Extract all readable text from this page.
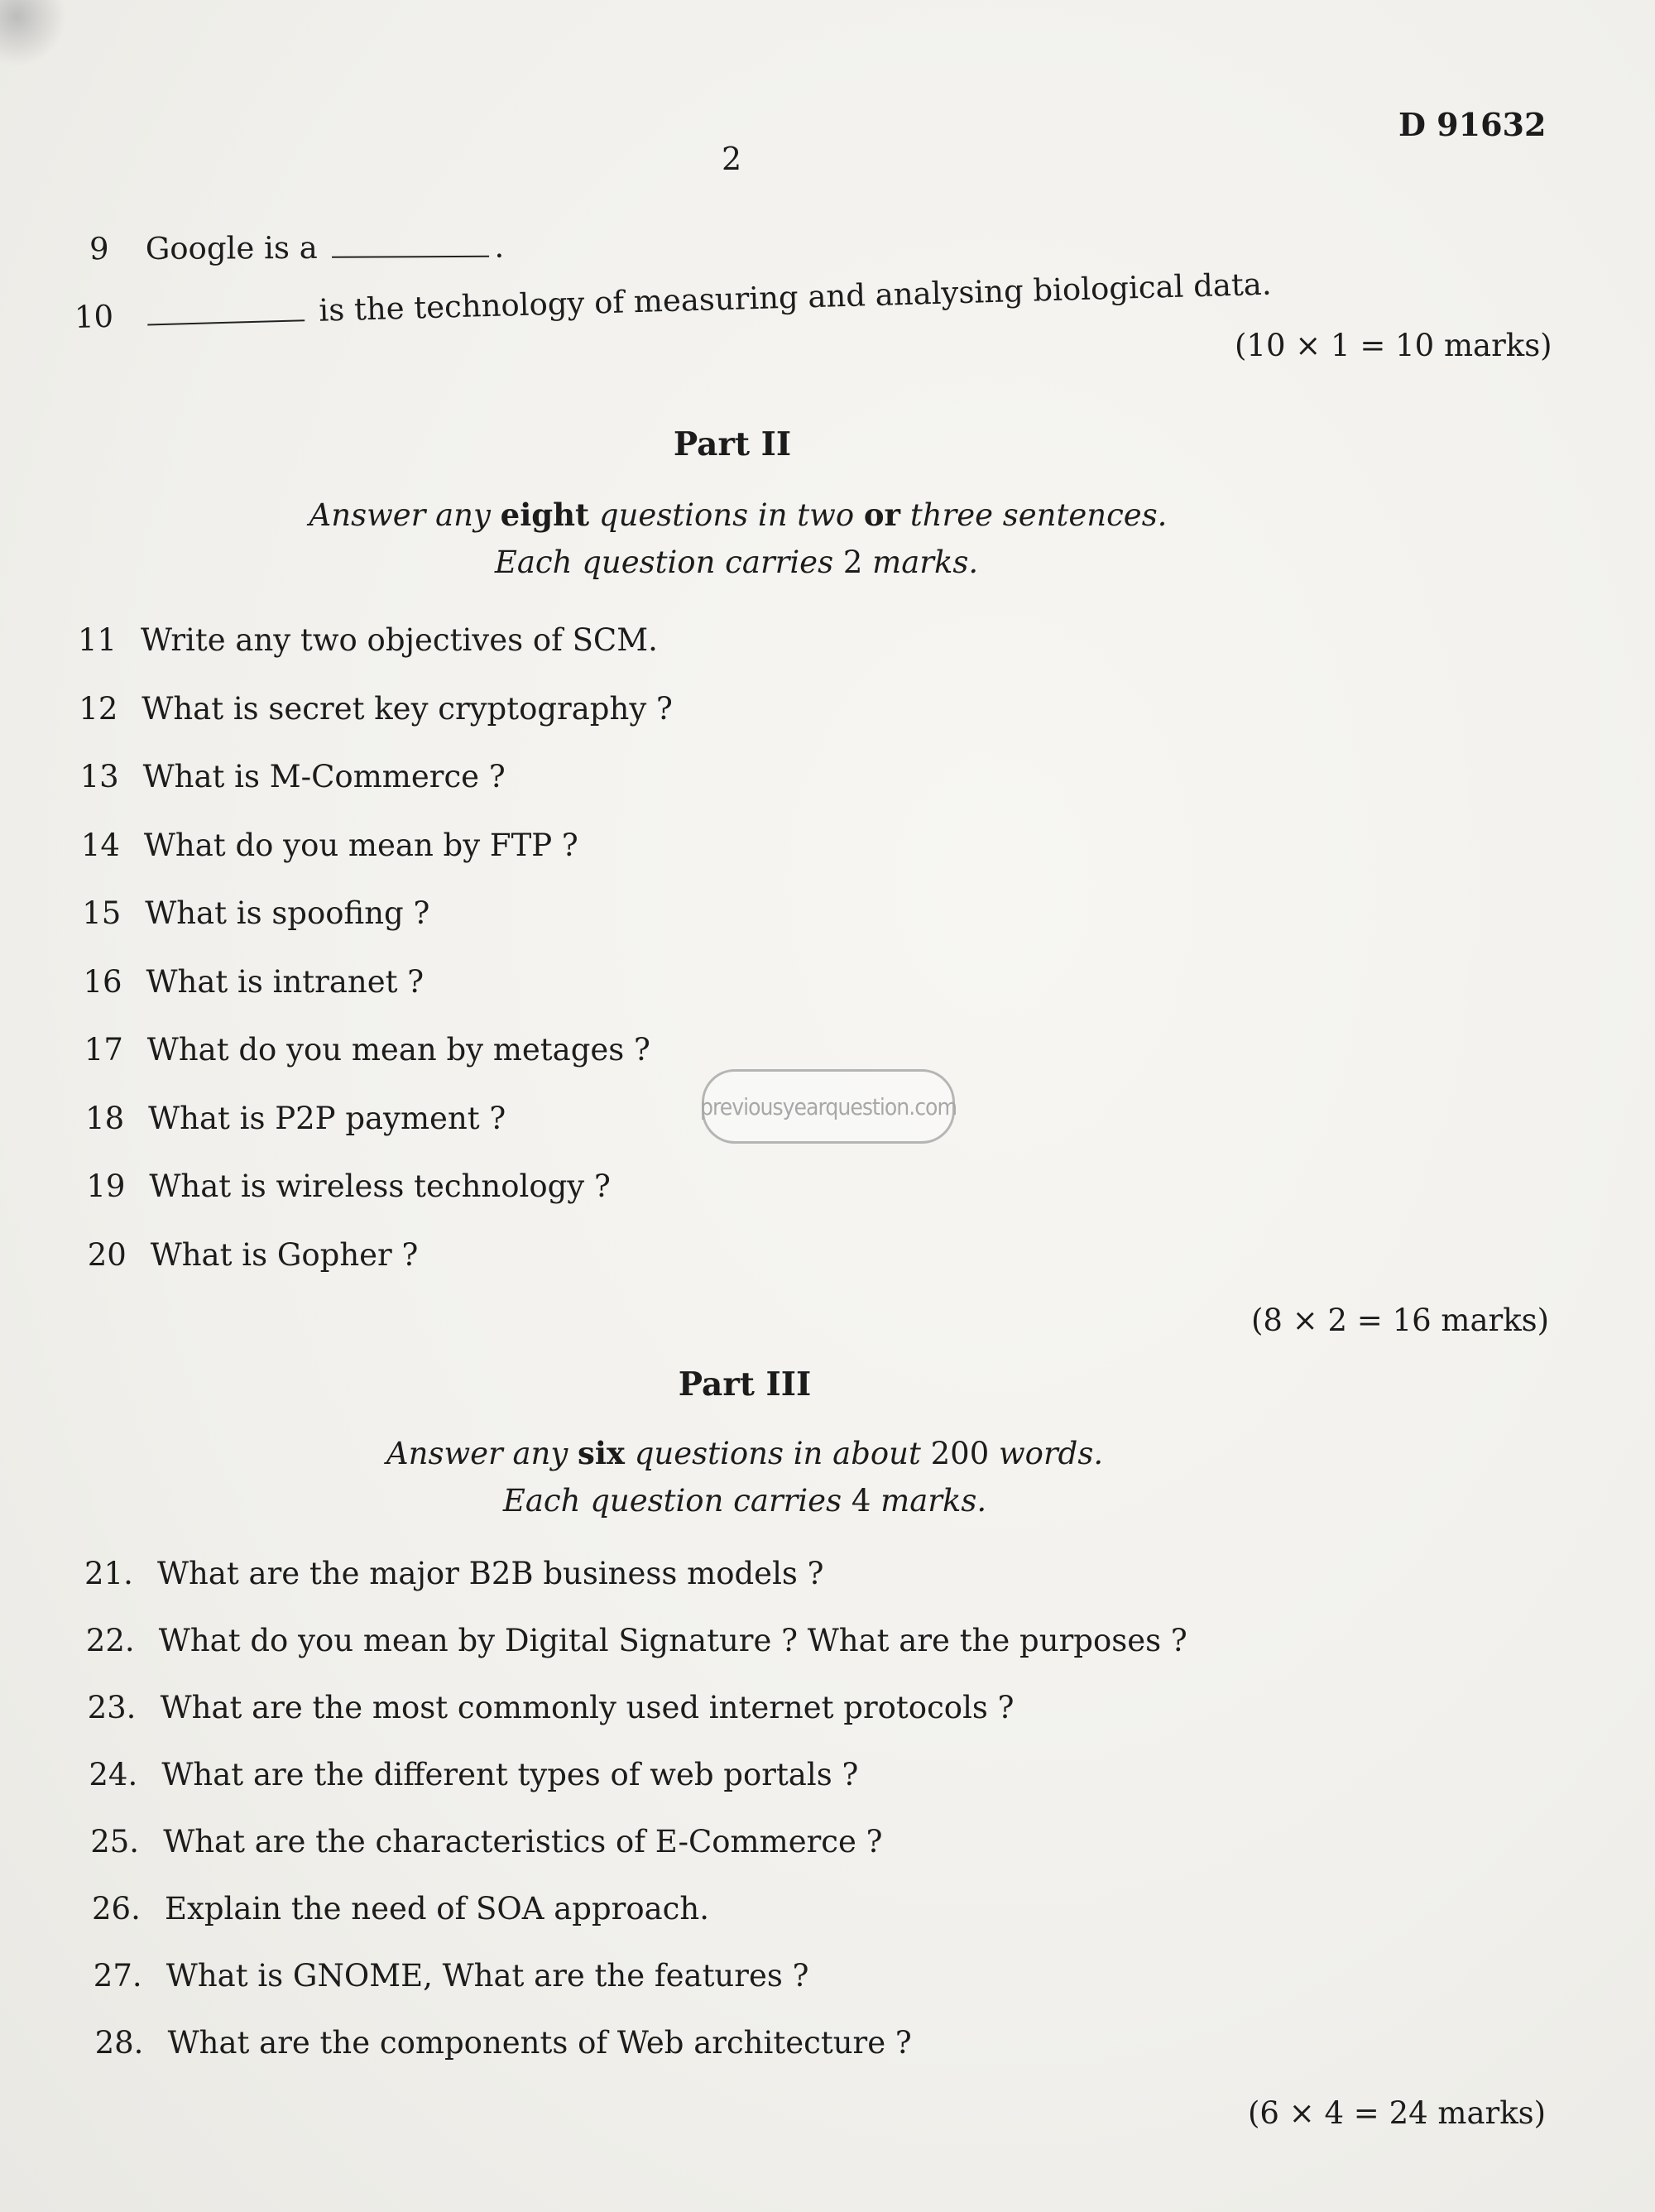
D 91632
2
9 Google is a	.
10	is the technology of measuring and analysing biological data.
(10 × 1 = 10 marks)
Part II
Answer any eight questions in two or three sentences.
Each question carries 2 marks.
11 Write any two objectives of SCM.
12 What is secret key cryptography ?
13 What is M-Commerce ?
14 What do you mean by FTP ?
15 What is spoofing ?
16 What is intranet ?
17 What do you mean by metages ?
18 What is P2P payment ?
19 What is wireless technology ?
20 What is Gopher ?
(8 × 2 = 16 marks)
previousyearquestion.com
Part III
Answer any six questions in about 200 words.
Each question carries 4 marks.
21. What are the major B2B business models ?
22. What do you mean by Digital Signature ? What are the purposes ?
23. What are the most commonly used internet protocols ?
24. What are the different types of web portals ?
25. What are the characteristics of E-Commerce ?
26. Explain the need of SOA approach.
27. What is GNOME, What are the features ?
28. What are the components of Web architecture ?
(6 × 4 = 24 marks)
